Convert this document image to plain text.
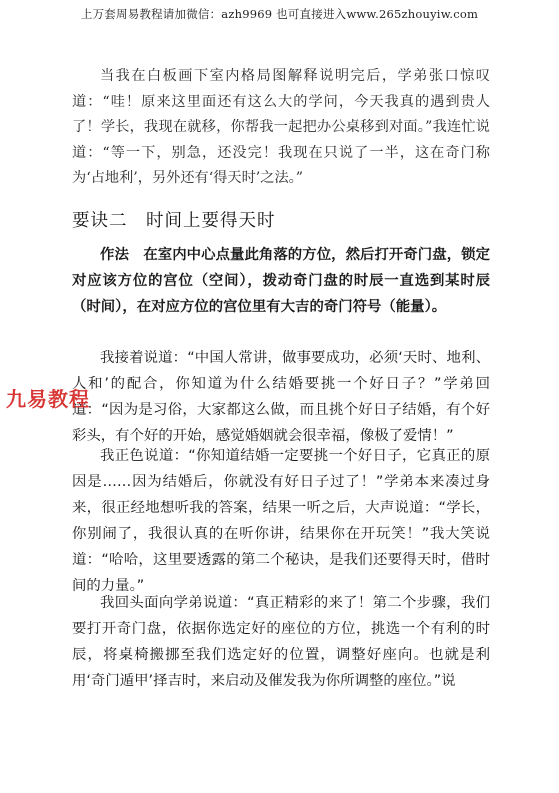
上万套周易教程请加微信：azh9969 也可直接进入www.265zhouyiw.com

当我在白板画下室内格局图解释说明完后，学弟张口惊叹道：“哇！原来这里面还有这么大的学问，今天我真的遇到贵人了！学长，我现在就移，你帮我一起把办公桌移到对面。”我连忙说道：“等一下，别急，还没完！我现在只说了一半，这在奇门称为‘占地利’，另外还有‘得天时’之法。”

要诀二　时间上要得天时

作法　在室内中心点量此角落的方位，然后打开奇门盘，锁定对应该方位的宫位（空间），拨动奇门盘的时辰一直选到某时辰（时间），在对应方位的宫位里有大吉的奇门符号（能量）。

我接着说道：“中国人常讲，做事要成功，必须‘天时、地利、人和’的配合，你知道为什么结婚要挑一个好日子？”学弟回道：“因为是习俗，大家都这么做，而且挑个好日子结婚，有个好彩头，有个好的开始，感觉婚姻就会很幸福，像极了爱情！”

我正色说道：“你知道结婚一定要挑一个好日子，它真正的原因是……因为结婚后，你就没有好日子过了！”学弟本来凑过身来，很正经地想听我的答案，结果一听之后，大声说道：“学长，你别闹了，我很认真的在听你讲，结果你在开玩笑！”我大笑说道：“哈哈，这里要透露的第二个秘诀，是我们还要得天时，借时间的力量。”

我回头面向学弟说道：“真正精彩的来了！第二个步骤，我们要打开奇门盘，依据你选定好的座位的方位，挑选一个有利的时辰，将桌椅搬挪至我们选定好的位置，调整好座向。也就是利用‘奇门遁甲’择吉时，来启动及催发我为你所调整的座位。”说

九易教程
